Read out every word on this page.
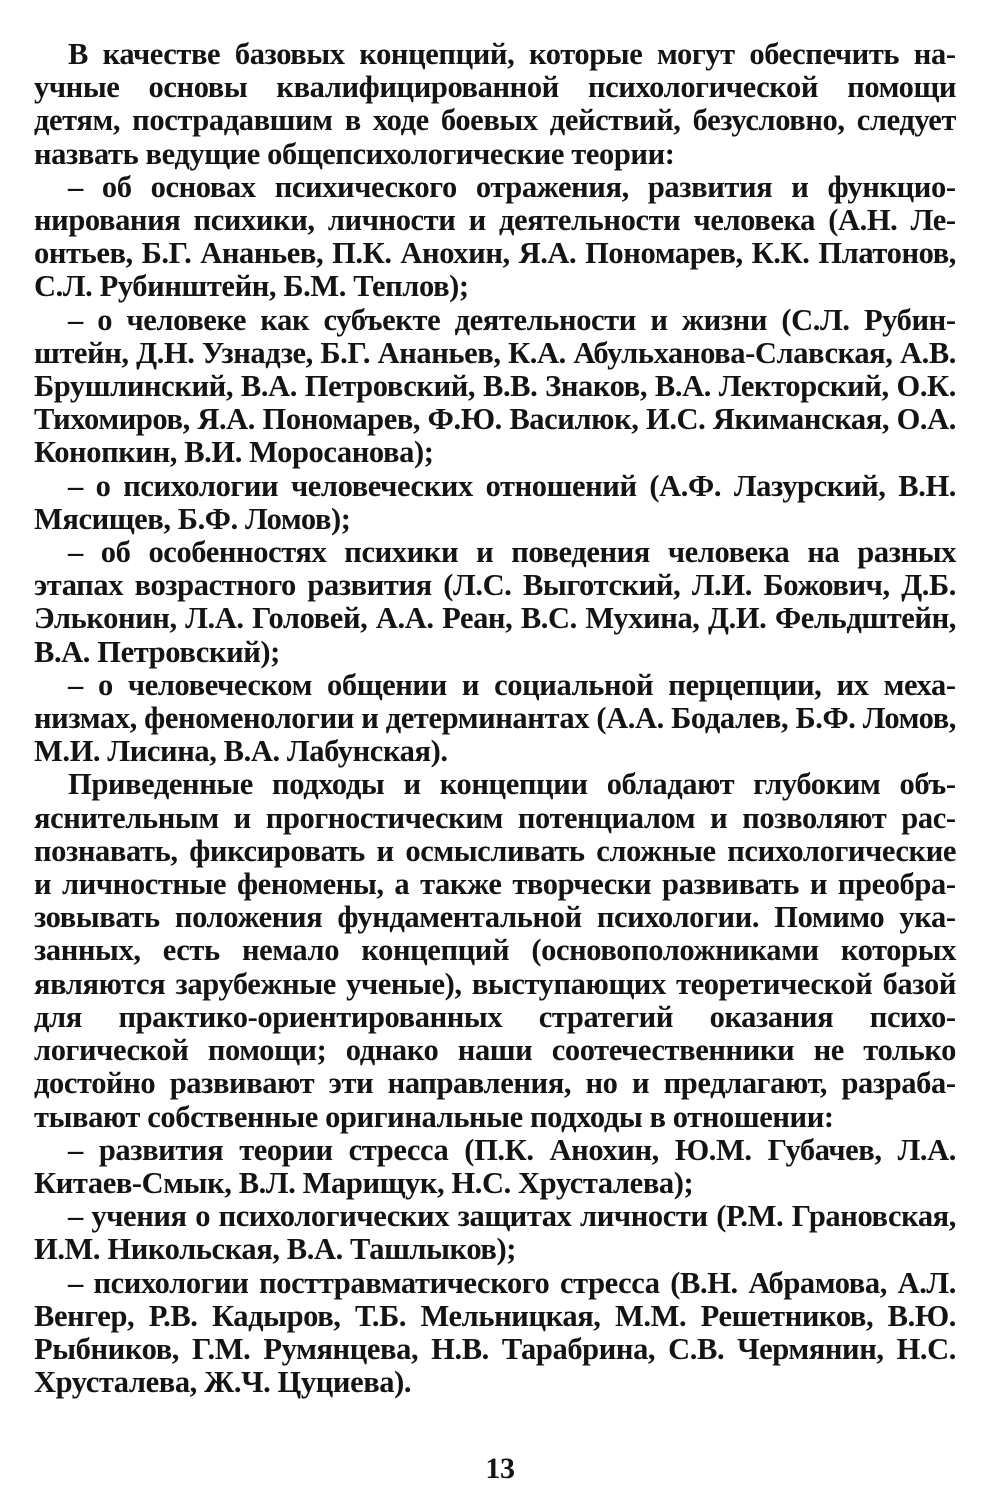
В качестве базовых концепций, которые могут обеспечить научные основы квалифицированной психологической помощи детям, пострадавшим в ходе боевых действий, безусловно, следует назвать ведущие общепсихологические теории:

– об основах психического отражения, развития и функционирования психики, личности и деятельности человека (А.Н. Леонтьев, Б.Г. Ананьев, П.К. Анохин, Я.А. Пономарев, К.К. Платонов, С.Л. Рубинштейн, Б.М. Теплов);

– о человеке как субъекте деятельности и жизни (С.Л. Рубинштейн, Д.Н. Узнадзе, Б.Г. Ананьев, К.А. Абульханова-Славская, А.В. Брушлинский, В.А. Петровский, В.В. Знаков, В.А. Лекторский, О.К. Тихомиров, Я.А. Пономарев, Ф.Ю. Василюк, И.С. Якиманская, О.А. Конопкин, В.И. Моросанова);

– о психологии человеческих отношений (А.Ф. Лазурский, В.Н. Мясищев, Б.Ф. Ломов);

– об особенностях психики и поведения человека на разных этапах возрастного развития (Л.С. Выготский, Л.И. Божович, Д.Б. Эльконин, Л.А. Головей, А.А. Реан, В.С. Мухина, Д.И. Фельдштейн, В.А. Петровский);

– о человеческом общении и социальной перцепции, их механизмах, феноменологии и детерминантах (А.А. Бодалев, Б.Ф. Ломов, М.И. Лисина, В.А. Лабунская).

Приведенные подходы и концепции обладают глубоким объяснительным и прогностическим потенциалом и позволяют распознавать, фиксировать и осмысливать сложные психологические и личностные феномены, а также творчески развивать и преобразовывать положения фундаментальной психологии. Помимо указанных, есть немало концепций (основоположниками которых являются зарубежные ученые), выступающих теоретической базой для практико-ориентированных стратегий оказания психологической помощи; однако наши соотечественники не только достойно развивают эти направления, но и предлагают, разрабатывают собственные оригинальные подходы в отношении:

– развития теории стресса (П.К. Анохин, Ю.М. Губачев, Л.А. Китаев-Смык, В.Л. Марищук, Н.С. Хрусталева);

– учения о психологических защитах личности (Р.М. Грановская, И.М. Никольская, В.А. Ташлыков);

– психологии посттравматического стресса (В.Н. Абрамова, А.Л. Венгер, Р.В. Кадыров, Т.Б. Мельницкая, М.М. Решетников, В.Ю. Рыбников, Г.М. Румянцева, Н.В. Тарабрина, С.В. Чермянин, Н.С. Хрусталева, Ж.Ч. Цуциева).

13
